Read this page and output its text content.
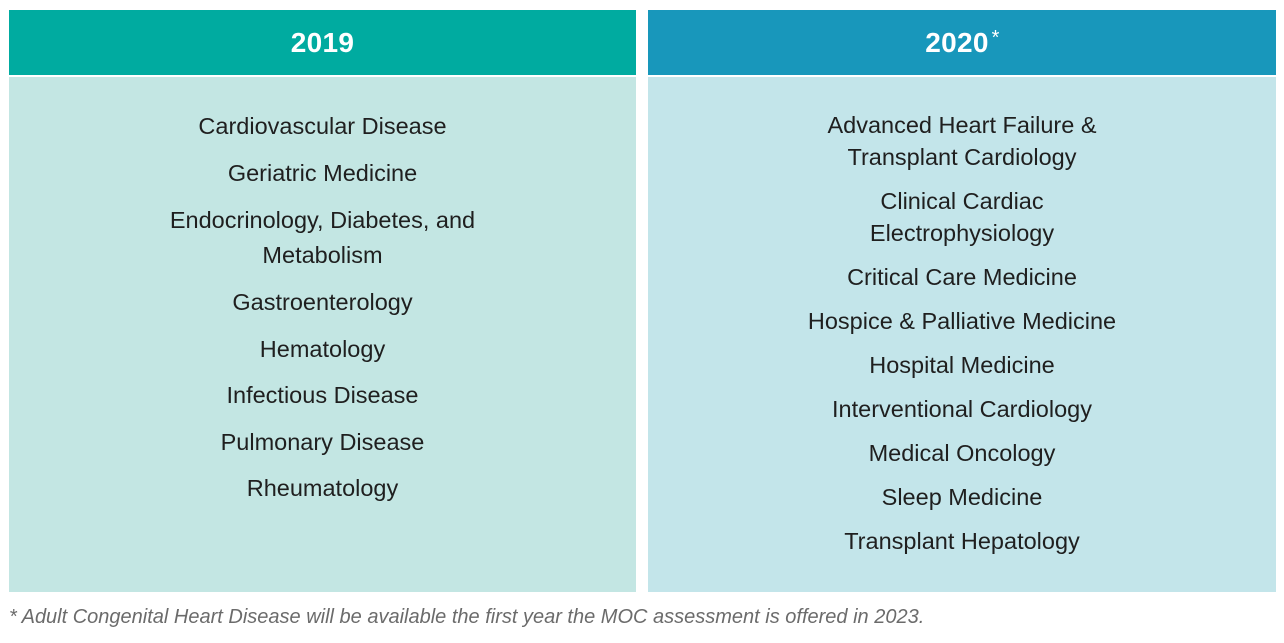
2019
Cardiovascular Disease
Geriatric Medicine
Endocrinology, Diabetes, and Metabolism
Gastroenterology
Hematology
Infectious Disease
Pulmonary Disease
Rheumatology
2020 *
Advanced Heart Failure & Transplant Cardiology
Clinical Cardiac Electrophysiology
Critical Care Medicine
Hospice & Palliative Medicine
Hospital Medicine
Interventional Cardiology
Medical Oncology
Sleep Medicine
Transplant Hepatology
* Adult Congenital Heart Disease will be available the first year the MOC assessment is offered in 2023.
